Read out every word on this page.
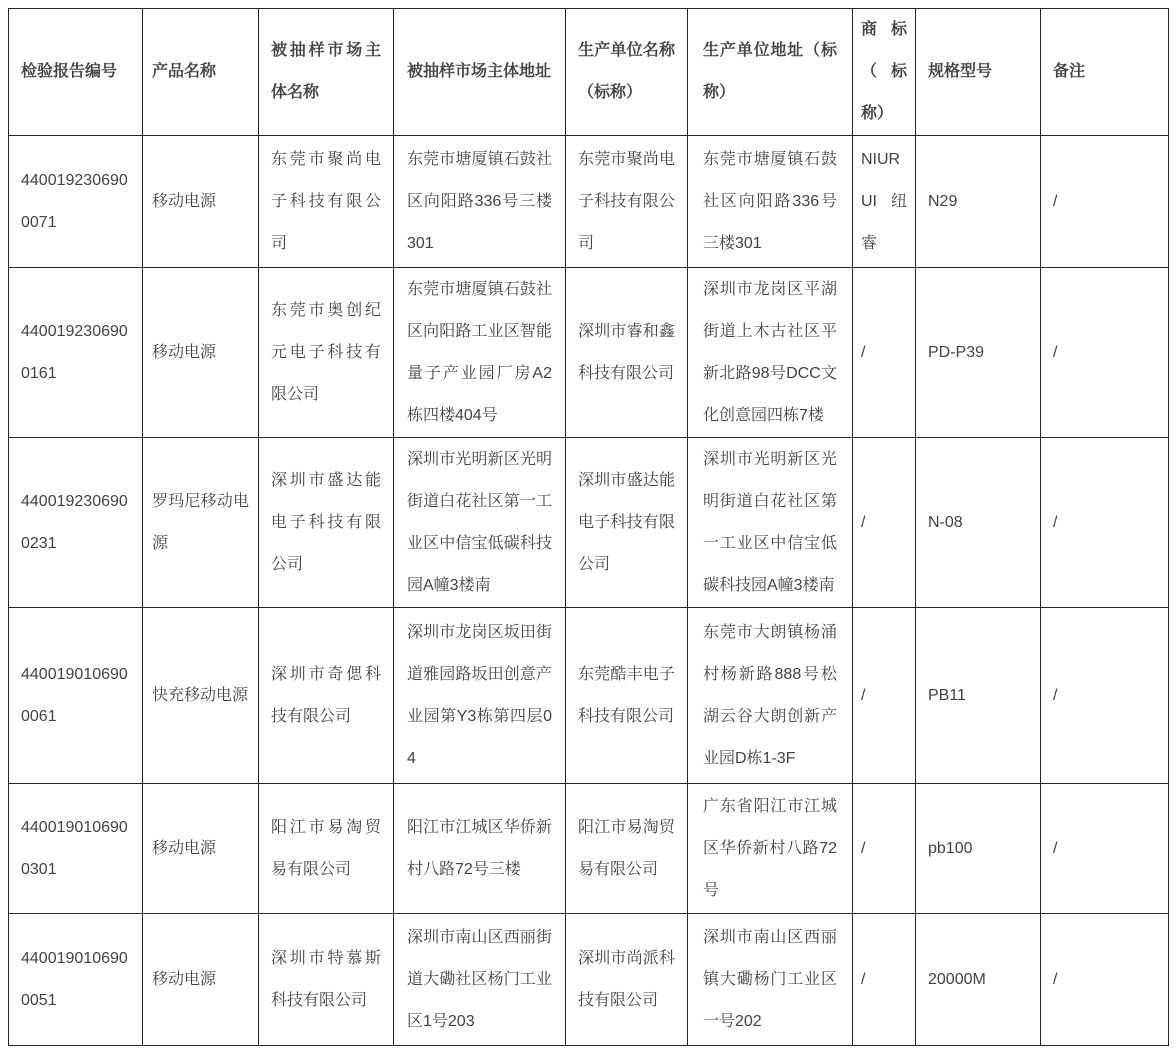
检验报告编号	产品名称	被抽样市场主体名称	被抽样市场主体地址	生产单位名称（标称）	生产单位地址（标称）	商标（标称）	规格型号	备注
4400192306900071	移动电源	东莞市聚尚电子科技有限公司	东莞市塘厦镇石鼓社区向阳路336号三楼301	东莞市聚尚电子科技有限公司	东莞市塘厦镇石鼓社区向阳路336号三楼301	NIURUI 纽睿	N29	/
4400192306900161	移动电源	东莞市奥创纪元电子科技有限公司	东莞市塘厦镇石鼓社区向阳路工业区智能量子产业园厂房A2栋四楼404号	深圳市睿和鑫科技有限公司	深圳市龙岗区平湖街道上木古社区平新北路98号DCC文化创意园四栋7楼	/	PD-P39	/
4400192306900231	罗玛尼移动电源	深圳市盛达能电子科技有限公司	深圳市光明新区光明街道白花社区第一工业区中信宝低碳科技园A幢3楼南	深圳市盛达能电子科技有限公司	深圳市光明新区光明街道白花社区第一工业区中信宝低碳科技园A幢3楼南	/	N-08	/
4400190106900061	快充移动电源	深圳市奇偲科技有限公司	深圳市龙岗区坂田街道雅园路坂田创意产业园第Y3栋第四层04	东莞酷丰电子科技有限公司	东莞市大朗镇杨涌村杨新路888号松湖云谷大朗创新产业园D栋1-3F	/	PB11	/
4400190106900301	移动电源	阳江市易淘贸易有限公司	阳江市江城区华侨新村八路72号三楼	阳江市易淘贸易有限公司	广东省阳江市江城区华侨新村八路72号	/	pb100	/
4400190106900051	移动电源	深圳市特慕斯科技有限公司	深圳市南山区西丽街道大磡社区杨门工业区1号203	深圳市尚派科技有限公司	深圳市南山区西丽镇大磡杨门工业区一号202	/	20000M	/
